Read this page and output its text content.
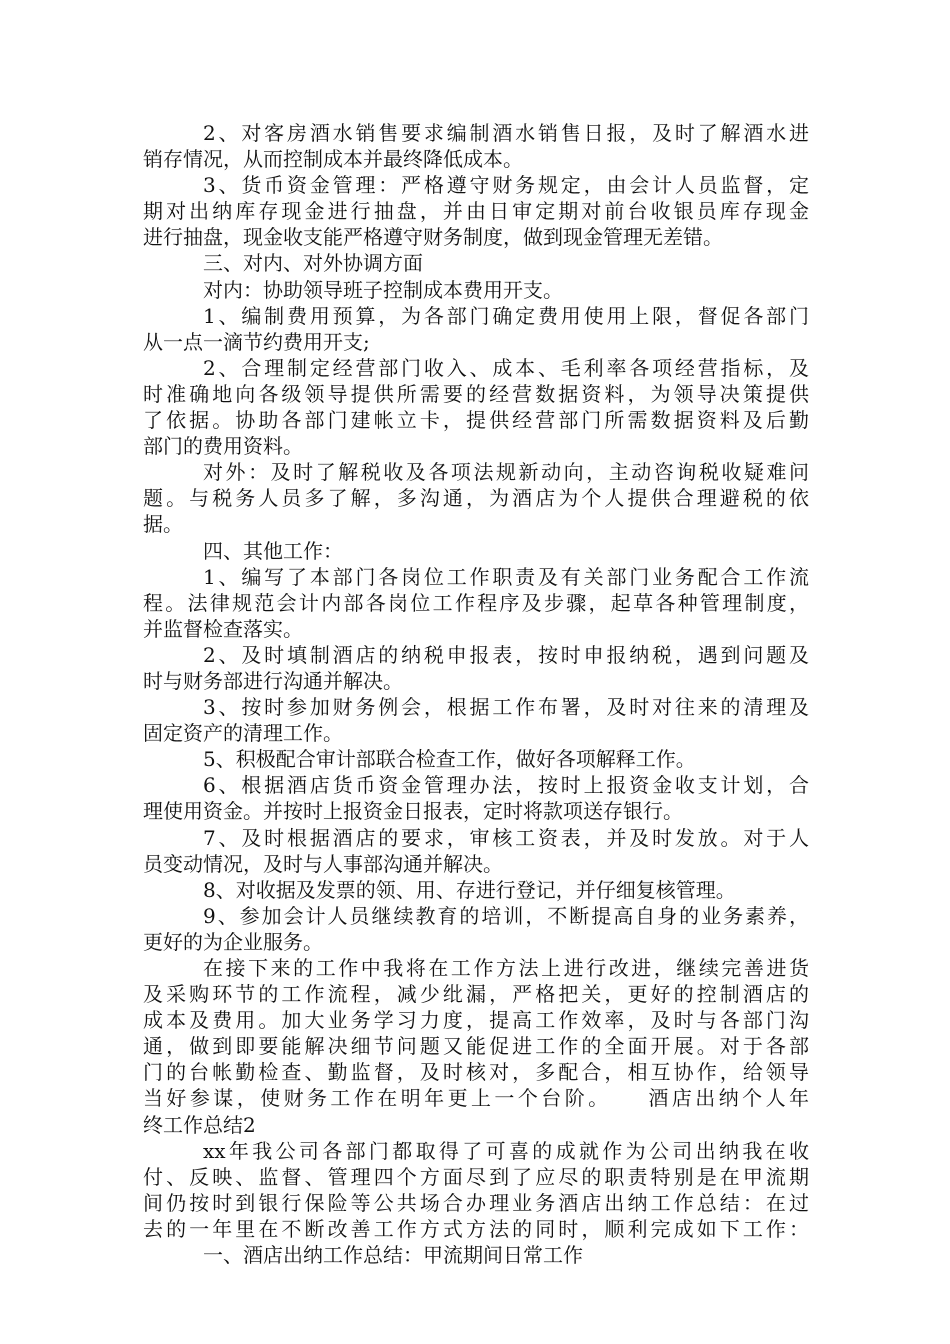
2、对客房酒水销售要求编制酒水销售日报，及时了解酒水进
销存情况，从而控制成本并最终降低成本。
3、货币资金管理：严格遵守财务规定，由会计人员监督，定
期对出纳库存现金进行抽盘，并由日审定期对前台收银员库存现金
进行抽盘，现金收支能严格遵守财务制度，做到现金管理无差错。
三、对内、对外协调方面
对内：协助领导班子控制成本费用开支。
1、编制费用预算，为各部门确定费用使用上限，督促各部门
从一点一滴节约费用开支;
2、合理制定经营部门收入、成本、毛利率各项经营指标，及
时准确地向各级领导提供所需要的经营数据资料，为领导决策提供
了依据。协助各部门建帐立卡，提供经营部门所需数据资料及后勤
部门的费用资料。
对外：及时了解税收及各项法规新动向，主动咨询税收疑难问
题。与税务人员多了解，多沟通，为酒店为个人提供合理避税的依
据。
四、其他工作：
1、编写了本部门各岗位工作职责及有关部门业务配合工作流
程。法律规范会计内部各岗位工作程序及步骤，起草各种管理制度，
并监督检查落实。
2、及时填制酒店的纳税申报表，按时申报纳税，遇到问题及
时与财务部进行沟通并解决。
3、按时参加财务例会，根据工作布署，及时对往来的清理及
固定资产的清理工作。
5、积极配合审计部联合检查工作，做好各项解释工作。
6、根据酒店货币资金管理办法，按时上报资金收支计划，合
理使用资金。并按时上报资金日报表，定时将款项送存银行。
7、及时根据酒店的要求，审核工资表，并及时发放。对于人
员变动情况，及时与人事部沟通并解决。
8、对收据及发票的领、用、存进行登记，并仔细复核管理。
9、参加会计人员继续教育的培训，不断提高自身的业务素养，
更好的为企业服务。
在接下来的工作中我将在工作方法上进行改进，继续完善进货
及采购环节的工作流程，减少纰漏，严格把关，更好的控制酒店的
成本及费用。加大业务学习力度，提高工作效率，及时与各部门沟
通，做到即要能解决细节问题又能促进工作的全面开展。对于各部
门的台帐勤检查、勤监督，及时核对，多配合，相互协作，给领导
当好参谋，使财务工作在明年更上一个台阶。　　酒店出纳个人年
终工作总结2
xx年我公司各部门都取得了可喜的成就作为公司出纳我在收
付、反映、监督、管理四个方面尽到了应尽的职责特别是在甲流期
间仍按时到银行保险等公共场合办理业务酒店出纳工作总结：在过
去的一年里在不断改善工作方式方法的同时，顺利完成如下工作：
一、酒店出纳工作总结：甲流期间日常工作
